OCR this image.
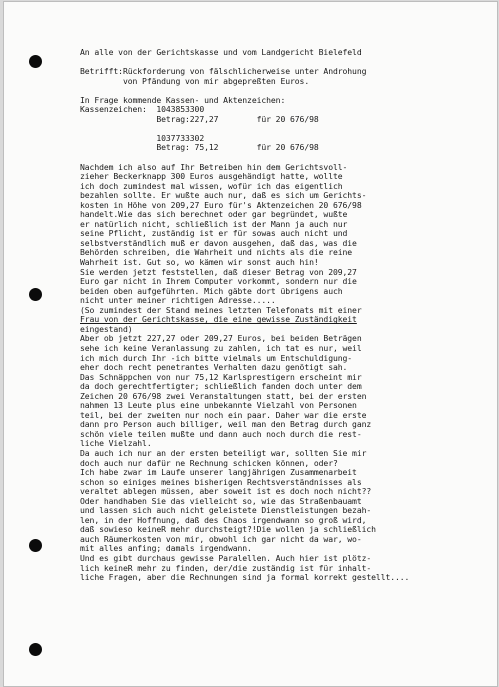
An alle von der Gerichtskasse und vom Landgericht Bielefeld
Betrifft:Rückforderung von fälschlicherweise unter Androhung
von Pfändung von mir abgepreßten Euros.
In Frage kommende Kassen- und Aktenzeichen:
Kassenzeichen:  1043853300
Betrag:227,27        für 20 676/98
1037733302
Betrag: 75,12        für 20 676/98
Nachdem ich also auf Ihr Betreiben hin dem Gerichtsvoll-
zieher Beckerknapp 300 Euros ausgehändigt hatte, wollte
ich doch zumindest mal wissen, wofür ich das eigentlich
bezahlen sollte. Er wußte auch nur, daß es sich um Gerichts-
kosten in Höhe von 209,27 Euro für's Aktenzeichen 20 676/98
handelt.Wie das sich berechnet oder gar begründet, wußte
er natürlich nicht, schließlich ist der Mann ja auch nur
seine Pflicht, zuständig ist er für sowas auch nicht und
selbstverständlich muß er davon ausgehen, daß das, was die
Behörden schreiben, die Wahrheit und nichts als die reine
Wahrheit ist. Gut so, wo kämen wir sonst auch hin!
Sie werden jetzt feststellen, daß dieser Betrag von 209,27
Euro gar nicht in Ihrem Computer vorkommt, sondern nur die
beiden oben aufgeführten. Mich gäbte dort übrigens auch
nicht unter meiner richtigen Adresse.....
(So zumindest der Stand meines letzten Telefonats mit einer
Frau von der Gerichtskasse, die eine gewisse Zuständigkeit
eingestand)
Aber ob jetzt 227,27 oder 209,27 Euros, bei beiden Beträgen
sehe ich keine Veranlassung zu zahlen, ich tat es nur, weil
ich mich durch Ihr -ich bitte vielmals um Entschuldigung-
eher doch recht penetrantes Verhalten dazu genötigt sah.
Das Schnäppchen von nur 75,12 Karlsprestigern erscheint mir
da doch gerechtfertigter; schließlich fanden doch unter dem
Zeichen 20 676/98 zwei Veranstaltungen statt, bei der ersten
nahmen 13 Leute plus eine unbekannte Vielzahl von Personen
teil, bei der zweiten nur noch ein paar. Daher war die erste
dann pro Person auch billiger, weil man den Betrag durch ganz
schön viele teilen mußte und dann auch noch durch die rest-
liche Vielzahl.
Da auch ich nur an der ersten beteiligt war, sollten Sie mir
doch auch nur dafür ne Rechnung schicken können, oder?
Ich habe zwar im Laufe unserer langjährigen Zusammenarbeit
schon so einiges meines bisherigen Rechtsverständnisses als
veraltet ablegen müssen, aber soweit ist es doch noch nicht??
Oder handhaben Sie das vielleicht so, wie das Straßenbauamt
und lassen sich auch nicht geleistete Dienstleistungen bezah-
len, in der Hoffnung, daß des Chaos irgendwann so groß wird,
daß sowieso keineR mehr durchsteigt?!Die wollen ja schließlich
auch Räumerkosten von mir, obwohl ich gar nicht da war, wo-
mit alles anfing; damals irgendwann.
Und es gibt durchaus gewisse Paralellen. Auch hier ist plötz-
lich keineR mehr zu finden, der/die zuständig ist für inhalt-
liche Fragen, aber die Rechnungen sind ja formal korrekt gestellt....
